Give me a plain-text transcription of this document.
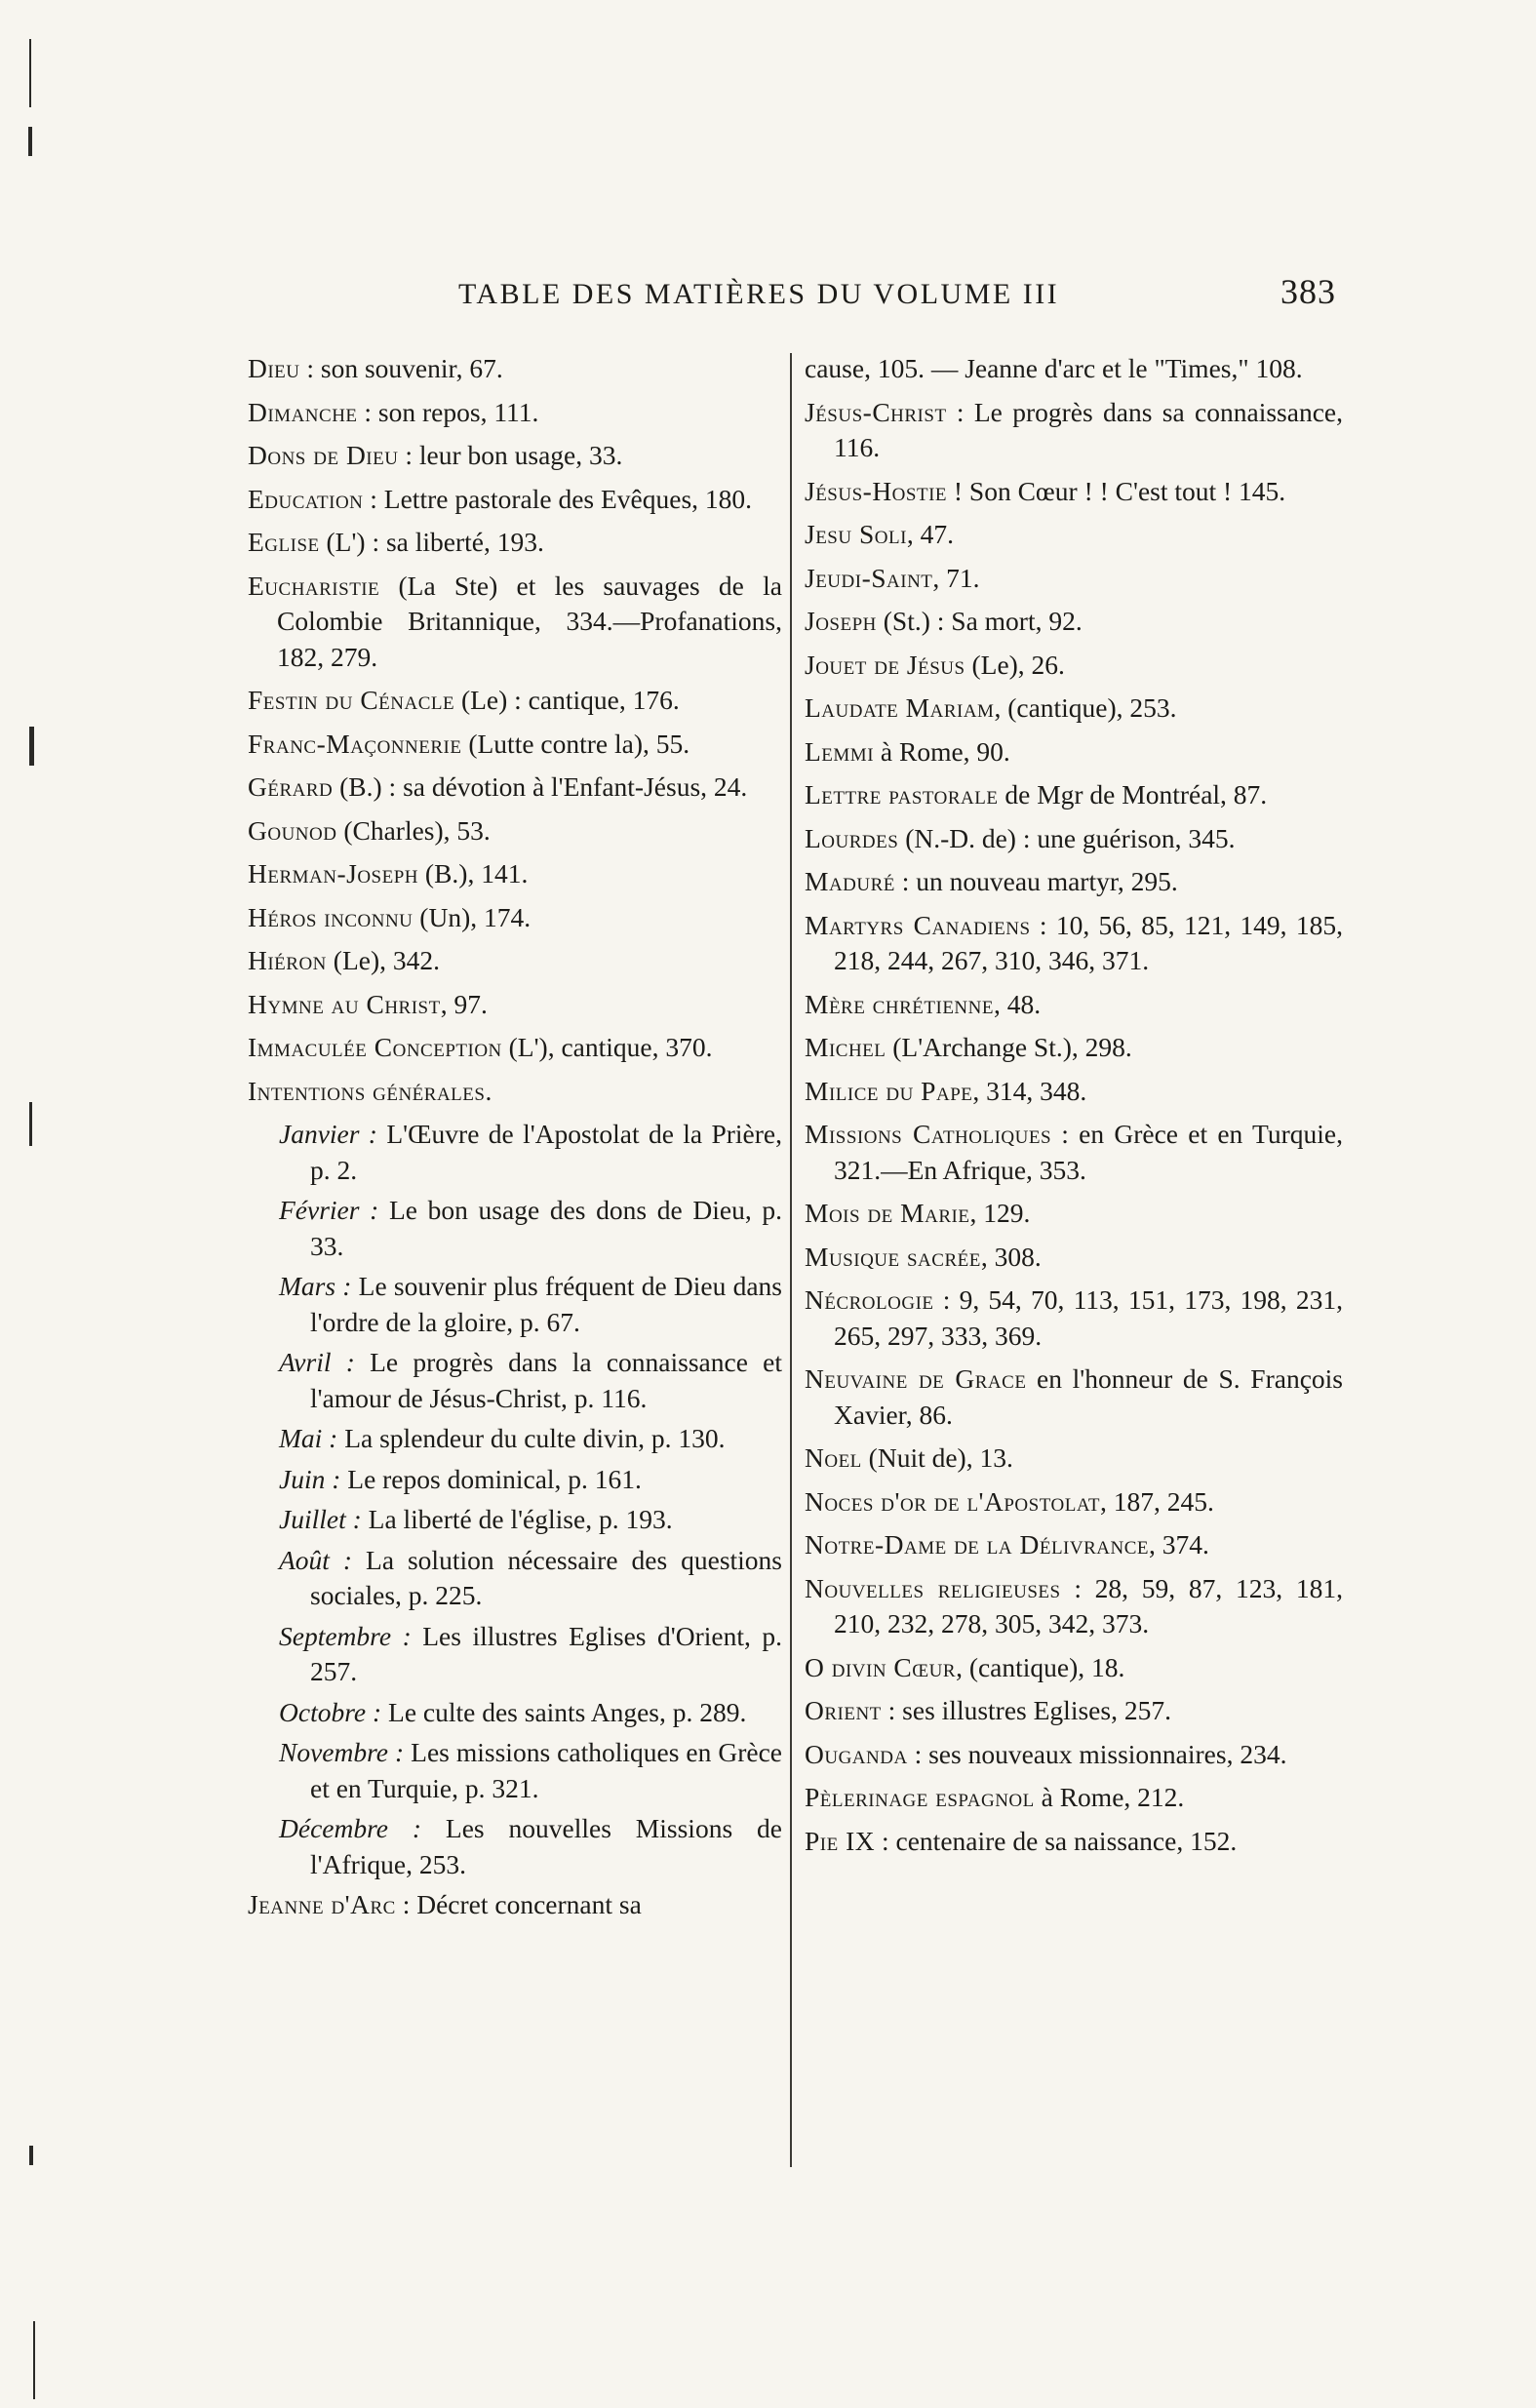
TABLE DES MATIÈRES DU VOLUME III	383

Dieu : son souvenir, 67.

Dimanche : son repos, 111.

Dons de Dieu : leur bon usage, 33.

Education : Lettre pastorale des Evêques, 180.

Eglise (L') : sa liberté, 193.

Eucharistie (La Ste) et les sauvages de la Colombie Britannique, 334.—Profanations, 182, 279.

Festin du Cénacle (Le) : cantique, 176.

Franc-Maçonnerie (Lutte contre la), 55.

Gérard (B.) : sa dévotion à l'Enfant-Jésus, 24.

Gounod (Charles), 53.

Herman-Joseph (B.), 141.

Héros inconnu (Un), 174.

Hiéron (Le), 342.

Hymne au Christ, 97.

Immaculée Conception (L'), cantique, 370.

Intentions générales.

Janvier : L'Œuvre de l'Apostolat de la Prière, p. 2.

Février : Le bon usage des dons de Dieu, p. 33.

Mars : Le souvenir plus fréquent de Dieu dans l'ordre de la gloire, p. 67.

Avril : Le progrès dans la connaissance et l'amour de Jésus-Christ, p. 116.

Mai : La splendeur du culte divin, p. 130.

Juin : Le repos dominical, p. 161.

Juillet : La liberté de l'église, p. 193.

Août : La solution nécessaire des questions sociales, p. 225.

Septembre : Les illustres Eglises d'Orient, p. 257.

Octobre : Le culte des saints Anges, p. 289.

Novembre : Les missions catholiques en Grèce et en Turquie, p. 321.

Décembre : Les nouvelles Missions de l'Afrique, 253.

Jeanne d'Arc : Décret concernant sa

cause, 105. — Jeanne d'arc et le "Times," 108.

Jésus-Christ : Le progrès dans sa connaissance, 116.

Jésus-Hostie ! Son Cœur ! ! C'est tout ! 145.

Jesu Soli, 47.

Jeudi-Saint, 71.

Joseph (St.) : Sa mort, 92.

Jouet de Jésus (Le), 26.

Laudate Mariam, (cantique), 253.

Lemmi à Rome, 90.

Lettre pastorale de Mgr de Montréal, 87.

Lourdes (N.-D. de) : une guérison, 345.

Maduré : un nouveau martyr, 295.

Martyrs Canadiens : 10, 56, 85, 121, 149, 185, 218, 244, 267, 310, 346, 371.

Mère chrétienne, 48.

Michel (L'Archange St.), 298.

Milice du Pape, 314, 348.

Missions Catholiques : en Grèce et en Turquie, 321.—En Afrique, 353.

Mois de Marie, 129.

Musique sacrée, 308.

Nécrologie : 9, 54, 70, 113, 151, 173, 198, 231, 265, 297, 333, 369.

Neuvaine de Grace en l'honneur de S. François Xavier, 86.

Noel (Nuit de), 13.

Noces d'or de l'Apostolat, 187, 245.

Notre-Dame de la Délivrance, 374.

Nouvelles religieuses : 28, 59, 87, 123, 181, 210, 232, 278, 305, 342, 373.

O divin Cœur, (cantique), 18.

Orient : ses illustres Eglises, 257.

Ouganda : ses nouveaux missionnaires, 234.

Pèlerinage espagnol à Rome, 212.

Pie IX : centenaire de sa naissance, 152.
